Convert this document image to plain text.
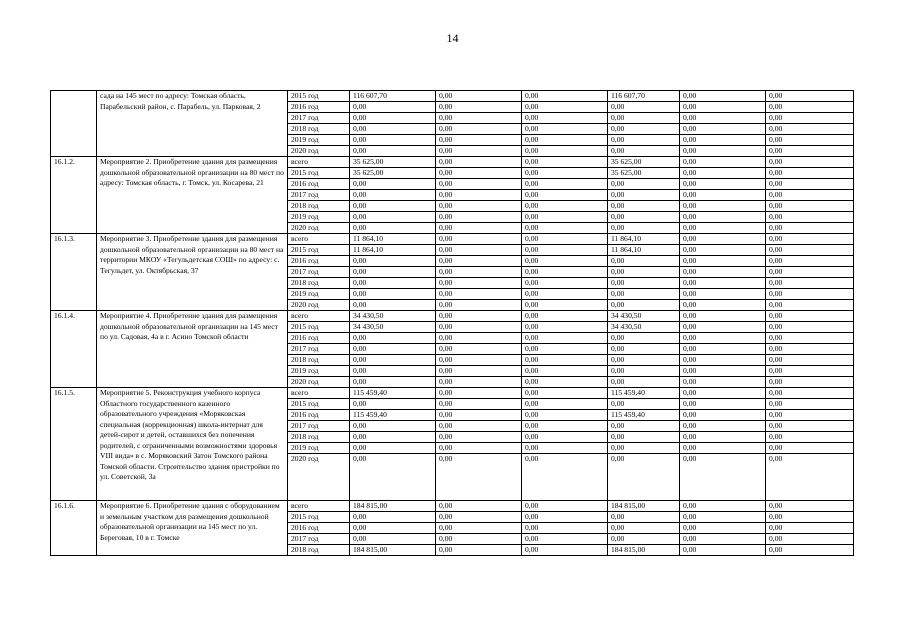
14
	сада на 145 мест по адресу: Томская область, Парабельский район, с. Парабель, ул. Парковая, 2	2015 год	116 607,70	0,00	0,00	116 607,70	0,00	0,00
		2016 год	0,00	0,00	0,00	0,00	0,00	0,00
		2017 год	0,00	0,00	0,00	0,00	0,00	0,00
		2018 год	0,00	0,00	0,00	0,00	0,00	0,00
		2019 год	0,00	0,00	0,00	0,00	0,00	0,00
		2020 год	0,00	0,00	0,00	0,00	0,00	0,00
16.1.2.	Мероприятие 2. Приобретение здания для размещения дошкольной образовательной организации на 80 мест по адресу: Томская область, г. Томск, ул. Косарева, 21	всего	35 625,00	0,00	0,00	35 625,00	0,00	0,00
		2015 год	35 625,00	0,00	0,00	35 625,00	0,00	0,00
		2016 год	0,00	0,00	0,00	0,00	0,00	0,00
		2017 год	0,00	0,00	0,00	0,00	0,00	0,00
		2018 год	0,00	0,00	0,00	0,00	0,00	0,00
		2019 год	0,00	0,00	0,00	0,00	0,00	0,00
		2020 год	0,00	0,00	0,00	0,00	0,00	0,00
16.1.3.	Мероприятие 3. Приобретение здания для размещения дошкольной образовательной организации на 80 мест на территории МКОУ «Тегульдетская СОШ» по адресу: с. Тегульдет, ул. Октябрьская, 37	всего	11 864,10	0,00	0,00	11 864,10	0,00	0,00
		2015 год	11 864,10	0,00	0,00	11 864,10	0,00	0,00
		2016 год	0,00	0,00	0,00	0,00	0,00	0,00
		2017 год	0,00	0,00	0,00	0,00	0,00	0,00
		2018 год	0,00	0,00	0,00	0,00	0,00	0,00
		2019 год	0,00	0,00	0,00	0,00	0,00	0,00
		2020 год	0,00	0,00	0,00	0,00	0,00	0,00
16.1.4.	Мероприятие 4. Приобретение здания для размещения дошкольной образовательной организации на 145 мест по ул. Садовая, 4а в г. Асино Томской области	всего	34 430,50	0,00	0,00	34 430,50	0,00	0,00
		2015 год	34 430,50	0,00	0,00	34 430,50	0,00	0,00
		2016 год	0,00	0,00	0,00	0,00	0,00	0,00
		2017 год	0,00	0,00	0,00	0,00	0,00	0,00
		2018 год	0,00	0,00	0,00	0,00	0,00	0,00
		2019 год	0,00	0,00	0,00	0,00	0,00	0,00
		2020 год	0,00	0,00	0,00	0,00	0,00	0,00
16.1.5.	Мероприятие 5. Реконструкция учебного корпуса Областного государственного казенного образовательного учреждения «Моряковская специальная (коррекционная) школа-интернат для детей-сирот и детей, оставшихся без попечения родителей, с ограниченными возможностями здоровья VIII вида» в с. Моряковский Затон Томского района Томской области. Строительство здания пристройки по ул. Советской, 3а	всего	115 459,40	0,00	0,00	115 459,40	0,00	0,00
		2015 год	0,00	0,00	0,00	0,00	0,00	0,00
		2016 год	115 459,40	0,00	0,00	115 459,40	0,00	0,00
		2017 год	0,00	0,00	0,00	0,00	0,00	0,00
		2018 год	0,00	0,00	0,00	0,00	0,00	0,00
		2019 год	0,00	0,00	0,00	0,00	0,00	0,00
		2020 год	0,00	0,00	0,00	0,00	0,00	0,00
16.1.6.	Мероприятие 6. Приобретение здания с оборудованием и земельным участком для размещения дошкольной образовательной организации на 145 мест по ул. Береговая, 10 в г. Томске	всего	184 815,00	0,00	0,00	184 815,00	0,00	0,00
		2015 год	0,00	0,00	0,00	0,00	0,00	0,00
		2016 год	0,00	0,00	0,00	0,00	0,00	0,00
		2017 год	0,00	0,00	0,00	0,00	0,00	0,00
		2018 год	184 815,00	0,00	0,00	184 815,00	0,00	0,00
